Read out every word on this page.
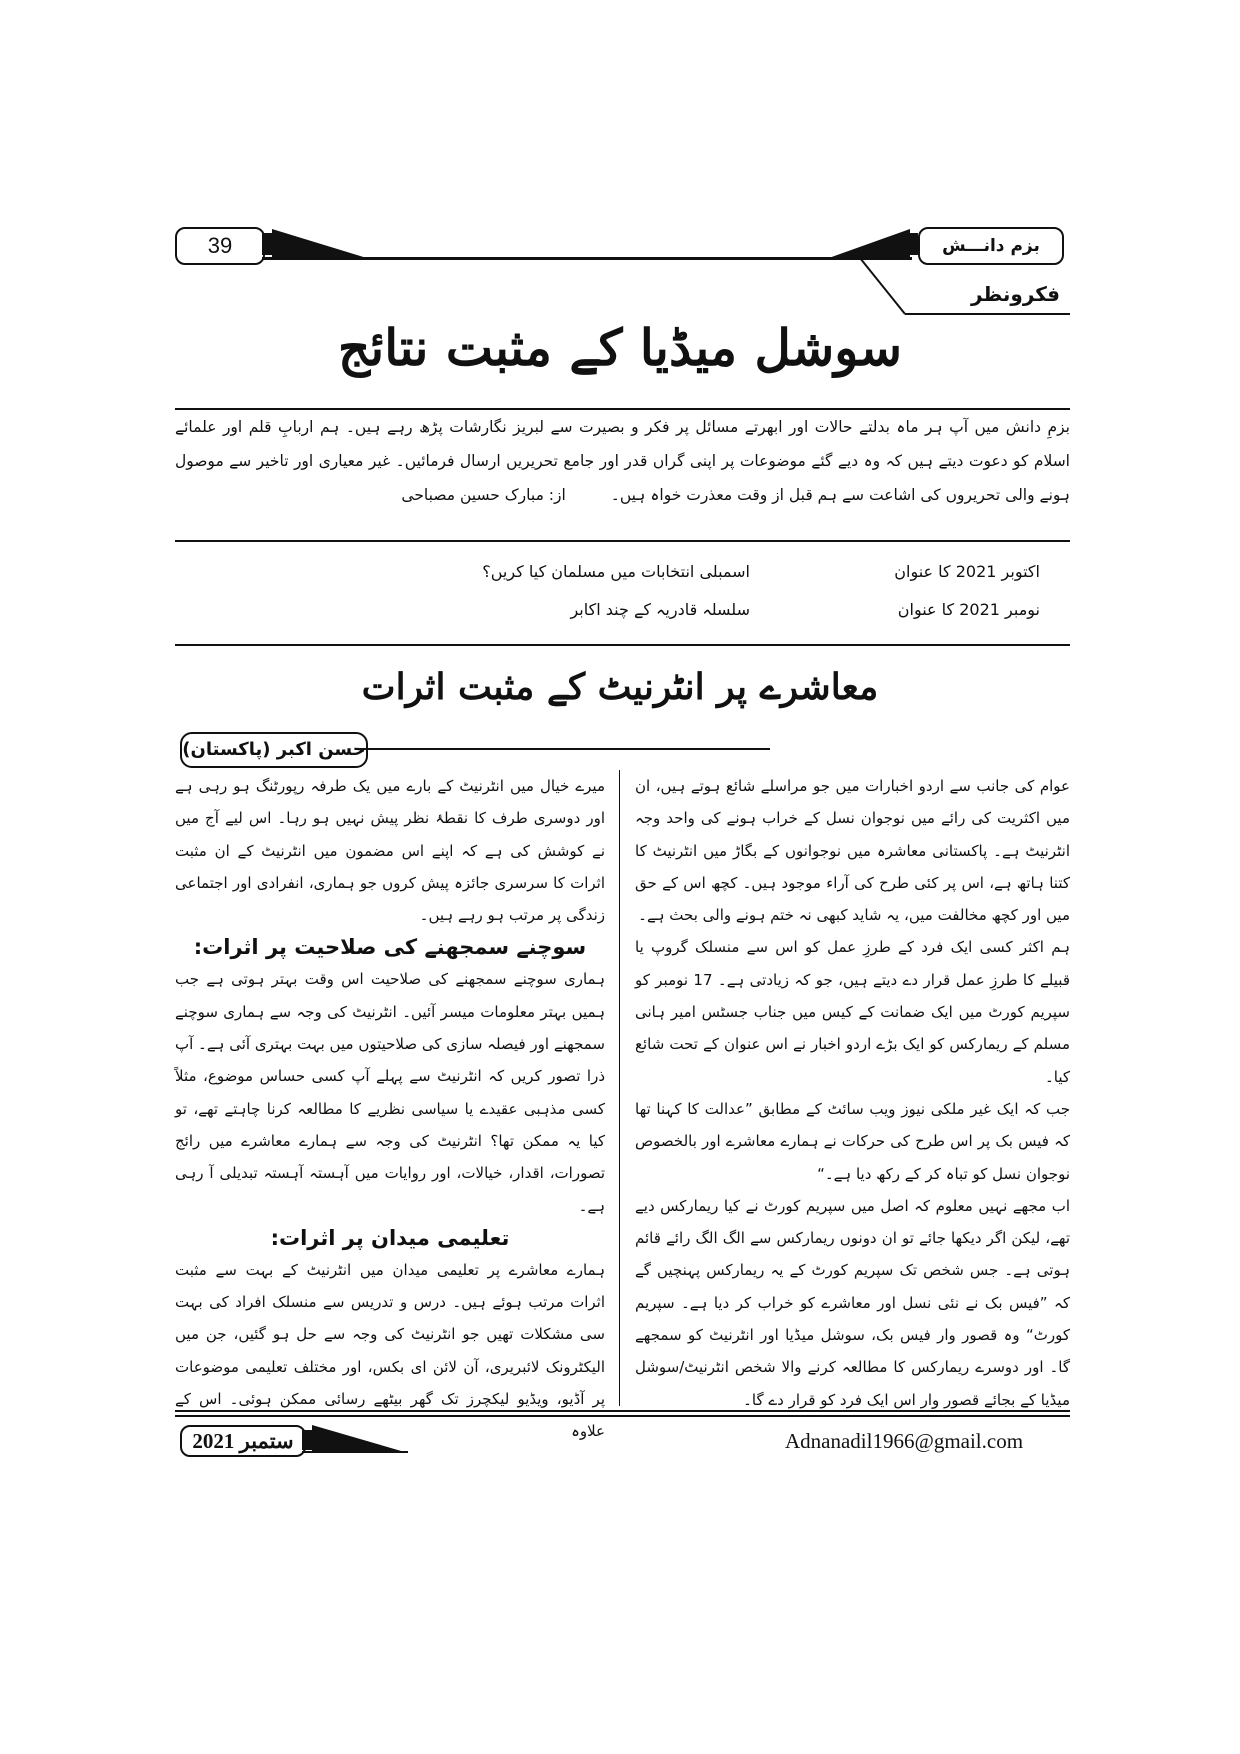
39	بزم دانـــش
فکرونظر
سوشل میڈیا کے مثبت نتائج

بزمِ دانش میں آپ ہر ماہ بدلتے حالات اور ابھرتے مسائل پر فکر و بصیرت سے لبریز نگارشات پڑھ رہے ہیں۔ ہم اربابِ قلم اور علمائے اسلام کو دعوت دیتے ہیں کہ وہ دیے گئے موضوعات پر اپنی گراں قدر اور جامع تحریریں ارسال فرمائیں۔ غیر معیاری اور تاخیر سے موصول ہونے والی تحریروں کی اشاعت سے ہم قبل از وقت معذرت خواہ ہیں۔ از: مبارک حسین مصباحی

اکتوبر 2021 کا عنوان
اسمبلی انتخابات میں مسلمان کیا کریں؟
نومبر 2021 کا عنوان
سلسلہ قادریہ کے چند اکابر
معاشرے پر انٹرنیٹ کے مثبت اثرات
حسن اکبر (پاکستان)

عوام کی جانب سے اردو اخبارات میں جو مراسلے شائع ہوتے ہیں، ان میں اکثریت کی رائے میں نوجوان نسل کے خراب ہونے کی واحد وجہ انٹرنیٹ ہے۔ پاکستانی معاشرہ میں نوجوانوں کے بگاڑ میں انٹرنیٹ کا کتنا ہاتھ ہے، اس پر کئی طرح کی آراء موجود ہیں۔ کچھ اس کے حق میں اور کچھ مخالفت میں، یہ شاید کبھی نہ ختم ہونے والی بحث ہے۔

ہم اکثر کسی ایک فرد کے طرزِ عمل کو اس سے منسلک گروپ یا قبیلے کا طرزِ عمل قرار دے دیتے ہیں، جو کہ زیادتی ہے۔ 17 نومبر کو سپریم کورٹ میں ایک ضمانت کے کیس میں جناب جسٹس امیر ہانی مسلم کے ریمارکس کو ایک بڑے اردو اخبار نے اس عنوان کے تحت شائع کیا۔

جب کہ ایک غیر ملکی نیوز ویب سائٹ کے مطابق ”عدالت کا کہنا تھا کہ فیس بک پر اس طرح کی حرکات نے ہمارے معاشرے اور بالخصوص نوجوان نسل کو تباہ کر کے رکھ دیا ہے۔“

اب مجھے نہیں معلوم کہ اصل میں سپریم کورٹ نے کیا ریمارکس دیے تھے، لیکن اگر دیکھا جائے تو ان دونوں ریمارکس سے الگ الگ رائے قائم ہوتی ہے۔ جس شخص تک سپریم کورٹ کے یہ ریمارکس پہنچیں گے کہ ”فیس بک نے نئی نسل اور معاشرے کو خراب کر دیا ہے۔ سپریم کورٹ“ وہ قصور وار فیس بک، سوشل میڈیا اور انٹرنیٹ کو سمجھے گا۔ اور دوسرے ریمارکس کا مطالعہ کرنے والا شخص انٹرنیٹ/سوشل میڈیا کے بجائے قصور وار اس ایک فرد کو قرار دے گا۔

میرے خیال میں انٹرنیٹ کے بارے میں یک طرفہ رپورٹنگ ہو رہی ہے اور دوسری طرف کا نقطۂ نظر پیش نہیں ہو رہا۔ اس لیے آج میں نے کوشش کی ہے کہ اپنے اس مضمون میں انٹرنیٹ کے ان مثبت اثرات کا سرسری جائزہ پیش کروں جو ہماری، انفرادی اور اجتماعی زندگی پر مرتب ہو رہے ہیں۔

سوچنے سمجھنے کی صلاحیت پر اثرات:

ہماری سوچنے سمجھنے کی صلاحیت اس وقت بہتر ہوتی ہے جب ہمیں بہتر معلومات میسر آئیں۔ انٹرنیٹ کی وجہ سے ہماری سوچنے سمجھنے اور فیصلہ سازی کی صلاحیتوں میں بہت بہتری آئی ہے۔ آپ ذرا تصور کریں کہ انٹرنیٹ سے پہلے آپ کسی حساس موضوع، مثلاً کسی مذہبی عقیدے یا سیاسی نظریے کا مطالعہ کرنا چاہتے تھے، تو کیا یہ ممکن تھا؟ انٹرنیٹ کی وجہ سے ہمارے معاشرے میں رائج تصورات، اقدار، خیالات، اور روایات میں آہستہ آہستہ تبدیلی آ رہی ہے۔

تعلیمی میدان پر اثرات:

ہمارے معاشرے پر تعلیمی میدان میں انٹرنیٹ کے بہت سے مثبت اثرات مرتب ہوئے ہیں۔ درس و تدریس سے منسلک افراد کی بہت سی مشکلات تھیں جو انٹرنیٹ کی وجہ سے حل ہو گئیں، جن میں الیکٹرونک لائبریری، آن لائن ای بکس، اور مختلف تعلیمی موضوعات پر آڈیو، ویڈیو لیکچرز تک گھر بیٹھے رسائی ممکن ہوئی۔ اس کے علاوہ

ستمبر 2021	Adnanadil1966@gmail.com
